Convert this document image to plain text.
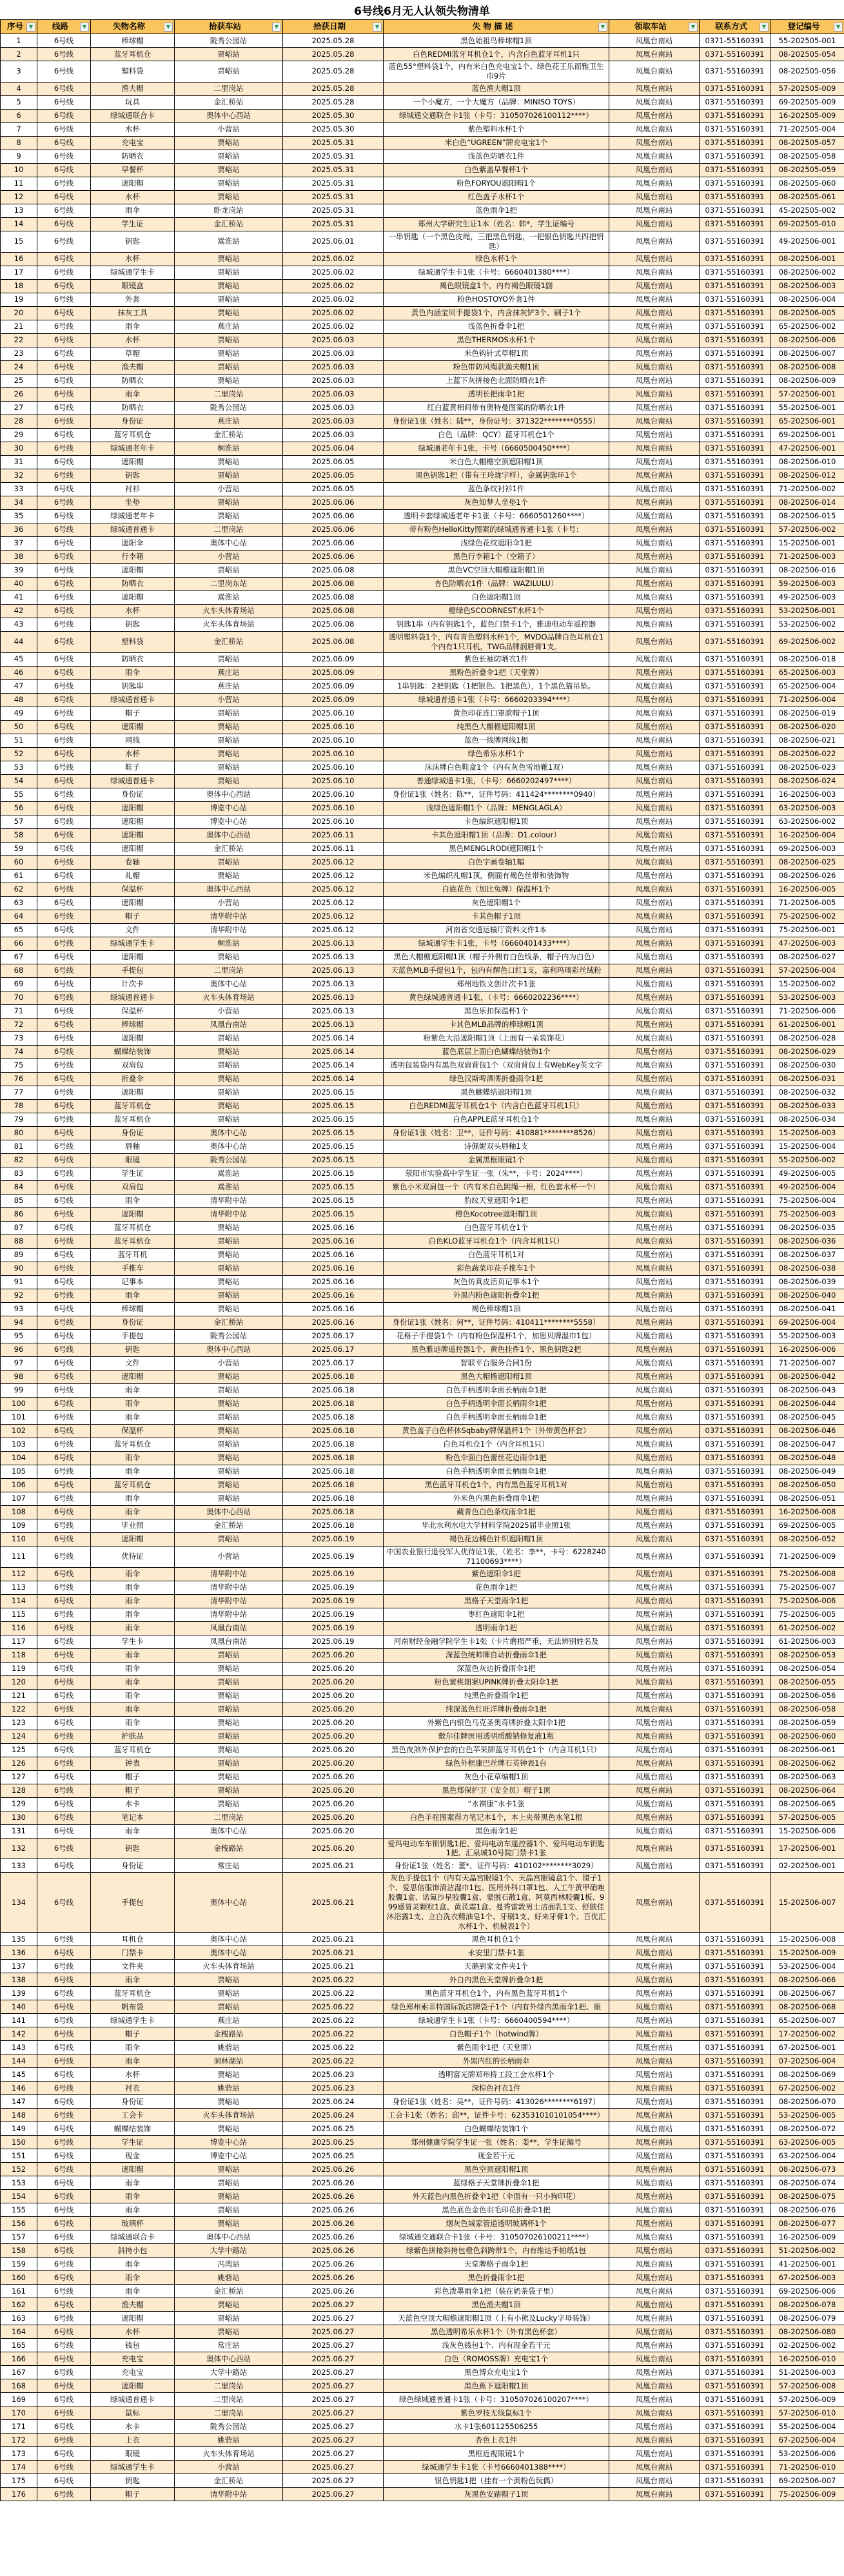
6号线6月无人认领失物清单
序号 ▼	线路 ▼	失物名称 ▼	拾获车站 ▼	拾获日期 ▼	失 物 描 述 ▼	领取车站 ▼	联系方式 ▼	登记编号 ▼

1	6号线	棒球帽	陇秀公园站	2025.05.28	黑色始祖鸟棒球帽1顶	凤凰台南站	0371-55160391	55-202505-001
2	6号线	蓝牙耳机仓	贾峪站	2025.05.28	白色REDMI蓝牙耳机仓1个，内含白色蓝牙耳机1只	凤凰台南站	0371-55160391	08-202505-054
3	6号线	塑料袋	贾峪站	2025.05.28	蓝色55°塑料袋1个，内有米白色充电宝1个、绿色花王乐而雅卫生巾9片	凤凰台南站	0371-55160391	08-202505-056
4	6号线	渔夫帽	二里岗站	2025.05.28	蓝色渔夫帽1顶	凤凰台南站	0371-55160391	57-202505-009
5	6号线	玩具	金汇桥站	2025.05.28	一个小魔方，一个大魔方（品牌：MINISO TOYS）	凤凰台南站	0371-55160391	69-202505-009
6	6号线	绿城通联合卡	奥体中心西站	2025.05.30	绿城通交通联合卡1张（卡号：310507026100112****）	凤凰台南站	0371-55160391	16-202505-009
7	6号线	水杯	小营站	2025.05.30	紫色塑料水杯1个	凤凰台南站	0371-55160391	71-202505-004
8	6号线	充电宝	贾峪站	2025.05.31	米白色“UGREEN”牌充电宝1个	凤凰台南站	0371-55160391	08-202505-057
9	6号线	防晒衣	贾峪站	2025.05.31	浅蓝色防晒衣1件	凤凰台南站	0371-55160391	08-202505-058
10	6号线	早餐杯	贾峪站	2025.05.31	白色紫盖早餐杯1个	凤凰台南站	0371-55160391	08-202505-059
11	6号线	遮阳帽	贾峪站	2025.05.31	粉色FORYOU遮阳帽1个	凤凰台南站	0371-55160391	08-202505-060
12	6号线	水杯	贾峪站	2025.05.31	红色盖子水杯1个	凤凰台南站	0371-55160391	08-202505-061
13	6号线	雨伞	卧龙岗站	2025.05.31	蓝色雨伞1把	凤凰台南站	0371-55160391	45-202505-002
14	6号线	学生证	金汇桥站	2025.05.31	郑州大学研究生证1本（姓名：韩*，学生证编号	凤凰台南站	0371-55160391	69-202505-010
15	6号线	钥匙	嵩淮站	2025.06.01	一串钥匙（一个黑色皮绳，三把黑色钥匙，一把银色钥匙共四把钥匙）	凤凰台南站	0371-55160391	49-202506-001
16	6号线	水杯	贾峪站	2025.06.02	绿色水杯1个	凤凰台南站	0371-55160391	08-202506-001
17	6号线	绿城通学生卡	贾峪站	2025.06.02	绿城通学生卡1张（卡号：6660401380****）	凤凰台南站	0371-55160391	08-202506-002
18	6号线	眼镜盒	贾峪站	2025.06.02	褐色眼镜盒1个，内有褐色眼镜1副	凤凰台南站	0371-55160391	08-202506-003
19	6号线	外套	贾峪站	2025.06.02	粉色HOSTOYO外套1件	凤凰台南站	0371-55160391	08-202506-004
20	6号线	抹灰工具	贾峪站	2025.06.02	黄色内涵宝贝手提袋1个，内含抹灰铲3个、刷子1个	凤凰台南站	0371-55160391	08-202506-005
21	6号线	雨伞	燕庄站	2025.06.02	浅蓝色折叠伞1把	凤凰台南站	0371-55160391	65-202506-002
22	6号线	水杯	贾峪站	2025.06.03	黑色THERMOS水杯1个	凤凰台南站	0371-55160391	08-202506-006
23	6号线	草帽	贾峪站	2025.06.03	米色钩针式草帽1顶	凤凰台南站	0371-55160391	08-202506-007
24	6号线	渔夫帽	贾峪站	2025.06.03	粉色带防风绳款渔夫帽1顶	凤凰台南站	0371-55160391	08-202506-008
25	6号线	防晒衣	贾峪站	2025.06.03	上蓝下灰拼接色北面防晒衣1件	凤凰台南站	0371-55160391	08-202506-009
26	6号线	雨伞	二里岗站	2025.06.03	透明长把雨伞1把	凤凰台南站	0371-55160391	57-202506-001
27	6号线	防晒衣	陇秀公园站	2025.06.03	红白蓝黄相间带有奥特曼图案的防晒衣1件	凤凰台南站	0371-55160391	55-202506-001
28	6号线	身份证	燕庄站	2025.06.03	身份证1张（姓名：陆**，身份证号：371322********0555）	凤凰台南站	0371-55160391	65-202506-001
29	6号线	蓝牙耳机仓	金汇桥站	2025.06.03	白色（品牌：QCY）蓝牙耳机仓1个	凤凰台南站	0371-55160391	69-202506-001
30	6号线	绿城通老年卡	桐淮站	2025.06.04	绿城通老年卡1张，卡号（6660500450****）	凤凰台南站	0371-55160391	47-202506-001
31	6号线	遮阳帽	贾峪站	2025.06.05	米白色大帽檐空顶遮阳帽1顶	凤凰台南站	0371-55160391	08-202506-010
32	6号线	钥匙	贾峪站	2025.06.05	黑色钥匙1把（带有王玲珑字样），金属钥匙环1个	凤凰台南站	0371-55160391	08-202506-012
33	6号线	衬衫	小营站	2025.06.05	蓝色条纹衬衫1件	凤凰台南站	0371-55160391	71-202506-002
34	6号线	坐垫	贾峪站	2025.06.06	灰色知梦人坐垫1个	凤凰台南站	0371-55160391	08-202506-014
35	6号线	绿城通老年卡	贾峪站	2025.06.06	透明卡套绿城通老年卡1张（卡号：6660501260****）	凤凰台南站	0371-55160391	08-202506-015
36	6号线	绿城通普通卡	二里岗站	2025.06.06	带有粉色HelloKitty图案的绿城通普通卡1张（卡号：	凤凰台南站	0371-55160391	57-202506-002
37	6号线	遮阳伞	奥体中心站	2025.06.06	浅绿色花纹遮阳伞1把	凤凰台南站	0371-55160391	15-202506-001
38	6号线	行李箱	小营站	2025.06.06	黑色行李箱1个（空箱子）	凤凰台南站	0371-55160391	71-202506-003
39	6号线	遮阳帽	贾峪站	2025.06.08	黑色VC空顶大帽檐遮阳帽1顶	凤凰台南站	0371-55160391	08-202506-016
40	6号线	防晒衣	二里岗东站	2025.06.08	杏色防晒衣1件（品牌：WAZILULU）	凤凰台南站	0371-55160391	59-202506-003
41	6号线	遮阳帽	嵩淮站	2025.06.08	白色遮阳帽1顶	凤凰台南站	0371-55160391	49-202506-003
42	6号线	水杯	火车头体育场站	2025.06.08	橙绿色SCOORNEST水杯1个	凤凰台南站	0371-55160391	53-202506-001
43	6号线	钥匙	火车头体育场站	2025.06.08	钥匙1串（内有钥匙1个，蓝色门禁卡1个，雅迪电动车遥控器	凤凰台南站	0371-55160391	53-202506-002
44	6号线	塑料袋	金汇桥站	2025.06.08	透明塑料袋1个，内有青色塑料水杯1个，MVDO品牌白色耳机仓1个内有1只耳机，TWG品牌润唇膏1支。	凤凰台南站	0371-55160391	69-202506-002
45	6号线	防晒衣	贾峪站	2025.06.09	紫色长袖防晒衣1件	凤凰台南站	0371-55160391	08-202506-018
46	6号线	雨伞	燕庄站	2025.06.09	黑粉色折叠伞1把（天堂牌）	凤凰台南站	0371-55160391	65-202506-003
47	6号线	钥匙串	燕庄站	2025.06.09	1串钥匙：2把钥匙（1把银色、1把黑色），1个黑色猫吊坠。	凤凰台南站	0371-55160391	65-202506-004
48	6号线	绿城通普通卡	小营站	2025.06.09	绿城通普通卡1张（卡号：6660203394****）	凤凰台南站	0371-55160391	71-202506-004
49	6号线	帽子	贾峪站	2025.06.10	黄色印花连口罩款帽子1顶	凤凰台南站	0371-55160391	08-202506-019
50	6号线	遮阳帽	贾峪站	2025.06.10	纯黑色大帽檐遮阳帽1顶	凤凰台南站	0371-55160391	08-202506-020
51	6号线	网线	贾峪站	2025.06.10	蓝色一线牌网线1根	凤凰台南站	0371-55160391	08-202506-021
52	6号线	水杯	贾峪站	2025.06.10	绿色希乐水杯1个	凤凰台南站	0371-55160391	08-202506-022
53	6号线	鞋子	贾峪站	2025.06.10	沫沫牌白色鞋盒1个（内有灰色雪地靴1双）	凤凰台南站	0371-55160391	08-202506-023
54	6号线	绿城通普通卡	贾峪站	2025.06.10	普通绿城通卡1张，（卡号：6660202497****）	凤凰台南站	0371-55160391	08-202506-024
55	6号线	身份证	奥体中心西站	2025.06.10	身份证1张（姓名：陈**，证件号码：411424********0940）	凤凰台南站	0371-55160391	16-202506-003
56	6号线	遮阳帽	博览中心站	2025.06.10	浅绿色遮阳帽1个（品牌：MENGLAGLA）	凤凰台南站	0371-55160391	63-202506-003
57	6号线	遮阳帽	博览中心站	2025.06.10	卡色编织遮阳帽1顶	凤凰台南站	0371-55160391	63-202506-002
58	6号线	遮阳帽	奥体中心西站	2025.06.11	卡其色遮阳帽1顶（品牌：D1.colour）	凤凰台南站	0371-55160391	16-202506-004
59	6号线	遮阳帽	金汇桥站	2025.06.11	黑色MENGLRODI遮阳帽1个	凤凰台南站	0371-55160391	69-202506-003
60	6号线	卷轴	贾峪站	2025.06.12	白色字画卷轴1幅	凤凰台南站	0371-55160391	08-202506-025
61	6号线	礼帽	贾峪站	2025.06.12	米色编织礼帽1顶，侧面有褐色丝带和装饰物	凤凰台南站	0371-55160391	08-202506-026
62	6号线	保温杯	奥体中心西站	2025.06.12	白底花色（加比兔牌）保温杯1个	凤凰台南站	0371-55160391	16-202506-005
63	6号线	遮阳帽	小营站	2025.06.12	灰色遮阳帽1个	凤凰台南站	0371-55160391	71-202506-005
64	6号线	帽子	清华附中站	2025.06.12	卡其色帽子1顶	凤凰台南站	0371-55160391	75-202506-002
65	6号线	文件	清华附中站	2025.06.12	河南省交通运输厅资料文件1本	凤凰台南站	0371-55160391	75-202506-001
66	6号线	绿城通学生卡	桐淮站	2025.06.13	绿城通学生卡1张，卡号（6660401433****）	凤凰台南站	0371-55160391	47-202506-003
67	6号线	遮阳帽	贾峪站	2025.06.13	黑色大帽檐遮阳帽1顶（帽子外侧有白色线条，帽子内为白色）	凤凰台南站	0371-55160391	08-202506-027
68	6号线	手提包	二里岗站	2025.06.13	天蓝色MLB手提包1个，包内有解色口红1支，嘉利玛瑧彩丝绒粉	凤凰台南站	0371-55160391	57-202506-004
69	6号线	计次卡	奥体中心站	2025.06.13	郑州地铁文创计次卡1张	凤凰台南站	0371-55160391	15-202506-002
70	6号线	绿城通普通卡	火车头体育场站	2025.06.13	黄色绿城通普通卡1张，（卡号：6660202236****）	凤凰台南站	0371-55160391	53-202506-003
71	6号线	保温杯	小营站	2025.06.13	黑色乐扣保温杯1个	凤凰台南站	0371-55160391	71-202506-006
72	6号线	棒球帽	凤凰台南站	2025.06.13	卡其色MLB品牌的棒球帽1顶	凤凰台南站	0371-55160391	61-202506-001
73	6号线	遮阳帽	贾峪站	2025.06.14	粉紫色大沿遮阳帽1顶（上面有一朵装饰花）	凤凰台南站	0371-55160391	08-202506-028
74	6号线	蝴蝶结装饰	贾峪站	2025.06.14	蓝色底层上面白色蝴蝶结装饰1个	凤凰台南站	0371-55160391	08-202506-029
75	6号线	双肩包	贾峪站	2025.06.14	透明包装袋内有黑色双肩背包1个（双肩背包上有WebKey英文字	凤凰台南站	0371-55160391	08-202506-030
76	6号线	折叠伞	贾峪站	2025.06.14	绿色汉斯啤酒牌折叠雨伞1把	凤凰台南站	0371-55160391	08-202506-031
77	6号线	遮阳帽	贾峪站	2025.06.15	黑色蝴蝶结遮阳帽1顶	凤凰台南站	0371-55160391	08-202506-032
78	6号线	蓝牙耳机仓	贾峪站	2025.06.15	白色REDMI蓝牙耳机仓1个（内含白色蓝牙耳机1只）	凤凰台南站	0371-55160391	08-202506-033
79	6号线	蓝牙耳机仓	贾峪站	2025.06.15	白色APPLE蓝牙耳机仓1个	凤凰台南站	0371-55160391	08-202506-034
80	6号线	身份证	奥体中心站	2025.06.15	身份证1张（姓名：卫**，证件号码：410881********8526）	凤凰台南站	0371-55160391	15-202506-003
81	6号线	唇釉	奥体中心站	2025.06.15	诗佩妮双头唇釉1支	凤凰台南站	0371-55160391	15-202506-004
82	6号线	眼镜	陇秀公园站	2025.06.15	金属黑框眼镜1个	凤凰台南站	0371-55160391	55-202506-002
83	6号线	学生证	嵩淮站	2025.06.15	荥阳市实验高中学生证一张（朱**，卡号：2024****）	凤凰台南站	0371-55160391	49-202506-005
84	6号线	双肩包	嵩淮站	2025.06.15	紫色小米双肩包一个（内有米白色跳绳一根，红色套水杯一个）	凤凰台南站	0371-55160391	49-202506-004
85	6号线	雨伞	清华附中站	2025.06.15	豹纹天堂遮阳伞1把	凤凰台南站	0371-55160391	75-202506-004
86	6号线	遮阳帽	清华附中站	2025.06.15	橙色Kocotree遮阳帽1顶	凤凰台南站	0371-55160391	75-202506-003
87	6号线	蓝牙耳机仓	贾峪站	2025.06.16	白色蓝牙耳机仓1个	凤凰台南站	0371-55160391	08-202506-035
88	6号线	蓝牙耳机仓	贾峪站	2025.06.16	白色KLO蓝牙耳机仓1个（内含耳机1只）	凤凰台南站	0371-55160391	08-202506-036
89	6号线	蓝牙耳机	贾峪站	2025.06.16	白色蓝牙耳机1对	凤凰台南站	0371-55160391	08-202506-037
90	6号线	手推车	贾峪站	2025.06.16	彩色蔬菜印花手推车1个	凤凰台南站	0371-55160391	08-202506-038
91	6号线	记事本	贾峪站	2025.06.16	灰色仿真皮活页记事本1个	凤凰台南站	0371-55160391	08-202506-039
92	6号线	雨伞	贾峪站	2025.06.16	外黑内粉色遮阳折叠伞1把	凤凰台南站	0371-55160391	08-202506-040
93	6号线	棒球帽	贾峪站	2025.06.16	褐色棒球帽1顶	凤凰台南站	0371-55160391	08-202506-041
94	6号线	身份证	金汇桥站	2025.06.16	身份证1张（姓名：何**，证件号码：410411********5558）	凤凰台南站	0371-55160391	69-202506-004
95	6号线	手提包	陇秀公园站	2025.06.17	花格子手提袋1个（内有粉色保温杯1个，加思贝牌湿巾1包）	凤凰台南站	0371-55160391	55-202506-003
96	6号线	钥匙	奥体中心西站	2025.06.17	黑色雅迪牌遥控器1个、黄色挂件1个、黑色钥匙2把	凤凰台南站	0371-55160391	16-202506-006
97	6号线	文件	小营站	2025.06.17	智联平台服务合同1份	凤凰台南站	0371-55160391	71-202506-007
98	6号线	遮阳帽	贾峪站	2025.06.18	黑色大帽檐遮阳帽1顶	凤凰台南站	0371-55160391	08-202506-042
99	6号线	雨伞	贾峪站	2025.06.18	白色手柄透明伞面长柄雨伞1把	凤凰台南站	0371-55160391	08-202506-043
100	6号线	雨伞	贾峪站	2025.06.18	白色手柄透明伞面长柄雨伞1把	凤凰台南站	0371-55160391	08-202506-044
101	6号线	雨伞	贾峪站	2025.06.18	白色手柄透明伞面长柄雨伞1把	凤凰台南站	0371-55160391	08-202506-045
102	6号线	保温杯	贾峪站	2025.06.18	黄色盖子白色杯体Sqbaby牌保温杯1个（外带黄色杯套）	凤凰台南站	0371-55160391	08-202506-046
103	6号线	蓝牙耳机仓	贾峪站	2025.06.18	白色耳机仓1个（内含耳机1只）	凤凰台南站	0371-55160391	08-202506-047
104	6号线	雨伞	贾峪站	2025.06.18	粉色伞面白色蕾丝花边雨伞1把	凤凰台南站	0371-55160391	08-202506-048
105	6号线	雨伞	贾峪站	2025.06.18	白色手柄透明伞面长柄雨伞1把	凤凰台南站	0371-55160391	08-202506-049
106	6号线	蓝牙耳机仓	贾峪站	2025.06.18	黑色蓝牙耳机仓1个，内有黑色蓝牙耳机1对	凤凰台南站	0371-55160391	08-202506-050
107	6号线	雨伞	贾峪站	2025.06.18	外米色内黑色折叠雨伞1把	凤凰台南站	0371-55160391	08-202506-051
108	6号线	雨伞	奥体中心西站	2025.06.18	藏青色白色条纹雨伞1把	凤凰台南站	0371-55160391	16-202506-008
109	6号线	毕业照	金汇桥站	2025.06.18	华北水利水电大学材料学院2025届毕业照1张	凤凰台南站	0371-55160391	69-202506-005
110	6号线	遮阳帽	贾峪站	2025.06.19	褐色花边橘色针织遮阳帽1顶	凤凰台南站	0371-55160391	08-202506-052
111	6号线	优待证	小营站	2025.06.19	中国农业银行退役军人优待证1张，（姓名：李**，卡号：622824071100693****）	凤凰台南站	0371-55160391	71-202506-009
112	6号线	雨伞	清华附中站	2025.06.19	紫色遮阳伞1把	凤凰台南站	0371-55160391	75-202506-008
113	6号线	雨伞	清华附中站	2025.06.19	花色雨伞1把	凤凰台南站	0371-55160391	75-202506-007
114	6号线	雨伞	清华附中站	2025.06.19	黑格子天堂雨伞1把	凤凰台南站	0371-55160391	75-202506-006
115	6号线	雨伞	清华附中站	2025.06.19	枣红色遮阳伞1把	凤凰台南站	0371-55160391	75-202506-005
116	6号线	雨伞	凤凰台南站	2025.06.19	透明雨伞1把	凤凰台南站	0371-55160391	61-202506-002
117	6号线	学生卡	凤凰台南站	2025.06.19	河南财经金融学院学生卡1张（卡片磨损严重，无法辨别姓名及	凤凰台南站	0371-55160391	61-202506-003
118	6号线	雨伞	贾峪站	2025.06.20	深蓝色统帅牌自动折叠雨伞1把	凤凰台南站	0371-55160391	08-202506-053
119	6号线	雨伞	贾峪站	2025.06.20	深蓝色灰边折叠雨伞1把	凤凰台南站	0371-55160391	08-202506-054
120	6号线	雨伞	贾峪站	2025.06.20	粉色蜜桃图案UPINK牌折叠太阳伞1把	凤凰台南站	0371-55160391	08-202506-055
121	6号线	雨伞	贾峪站	2025.06.20	纯黑色折叠雨伞1把	凤凰台南站	0371-55160391	08-202506-056
122	6号线	雨伞	贾峪站	2025.06.20	纯深蓝色红旺洋牌折叠雨伞1把	凤凰台南站	0371-55160391	08-202506-058
123	6号线	雨伞	贾峪站	2025.06.20	外紫色内银色马克圣奥奇牌折叠太阳伞1把	凤凰台南站	0371-55160391	08-202506-059
124	6号线	护肤品	贾峪站	2025.06.20	敷尔佳牌医用透明质酸钠修复液1瓶	凤凰台南站	0371-55160391	08-202506-060
125	6号线	蓝牙耳机仓	贾峪站	2025.06.20	黑色夜煞外保护套的白色苹果牌蓝牙耳机仓1个（内含耳机1只）	凤凰台南站	0371-55160391	08-202506-061
126	6号线	钟表	贾峪站	2025.06.20	绿色外框康巴丝牌石英钟表1台	凤凰台南站	0371-55160391	08-202506-062
127	6号线	帽子	贾峪站	2025.06.20	灰色小花草编帽1顶	凤凰台南站	0371-55160391	08-202506-063
128	6号线	帽子	贾峪站	2025.06.20	黑色郑保护卫（安全员）帽子1顶	凤凰台南站	0371-55160391	08-202506-064
129	6号线	水卡	贾峪站	2025.06.20	“水祺康”水卡1张	凤凰台南站	0371-55160391	08-202506-065
130	6号线	笔记本	二里岗站	2025.06.20	白色羊驼图案得力笔记本1个，本上夹带黑色水笔1根	凤凰台南站	0371-55160391	57-202506-005
131	6号线	雨伞	奥体中心站	2025.06.20	黑色雨伞1把	凤凰台南站	0371-55160391	15-202506-006
132	6号线	钥匙	金梭路站	2025.06.20	爱玛电动车车锁钥匙1把、爱玛电动车遥控器1个、爱玛电动车钥匙1把、汇泉城10号院门禁卡1张	凤凰台南站	0371-55160391	17-202506-001
133	6号线	身份证	常庄站	2025.06.21	身份证1张（姓名：董*，证件号码：410102********3029）	凤凰台南站	0371-55160391	02-202506-001
134	6号线	手提包	奥体中心站	2025.06.21	灰色手提包1个（内有天晶宫眼镜1个、天晶宫眼镜盒1个、镊子1个、爱思倍服饰清洁湿巾1包、医用外科口罩1包、人工牛黄甲硝唑胶囊1盒、诺氟沙星胶囊1盒、蒙脱石散1盒、阿莫西林胶囊1板、999感冒灵颗粒1盒、黄芪霜1盒、曼秀雷敦男士洁面乳1支、舒肤佳沐浴露1支、立白洗衣精油皂1个、牙刷1支、好来牙膏1个、百优汇水杯1个、机械表1个）	凤凰台南站	0371-55160391	15-202506-007
135	6号线	耳机仓	奥体中心站	2025.06.21	黑色耳机仓1个	凤凰台南站	0371-55160391	15-202506-008
136	6号线	门禁卡	奥体中心站	2025.06.21	永安里门禁卡1张	凤凰台南站	0371-55160391	15-202506-009
137	6号线	文件夹	火车头体育场站	2025.06.21	天鹅到家文件夹1个	凤凰台南站	0371-55160391	53-202506-004
138	6号线	雨伞	贾峪站	2025.06.22	外白内黑色天堂牌折叠伞1把	凤凰台南站	0371-55160391	08-202506-066
139	6号线	蓝牙耳机仓	贾峪站	2025.06.22	黑色蓝牙耳机仓1个，内有黑色蓝牙耳机1个	凤凰台南站	0371-55160391	08-202506-067
140	6号线	帆布袋	贾峪站	2025.06.22	绿色郑州索菲特国际饭店牌袋子1个（内有外绿内黑雨伞1把、眼	凤凰台南站	0371-55160391	08-202506-068
141	6号线	绿城通学生卡	燕庄站	2025.06.22	绿城通学生卡1张（卡号：6660400594****）	凤凰台南站	0371-55160391	65-202506-007
142	6号线	帽子	金梭路站	2025.06.22	白色帽子1个（hotwind牌）	凤凰台南站	0371-55160391	17-202506-002
143	6号线	雨伞	姚砦站	2025.06.22	紫色雨伞1把（天堂牌）	凤凰台南站	0371-55160391	67-202506-001
144	6号线	雨伞	洞林湖站	2025.06.22	外黑内红的长柄雨伞	凤凰台南站	0371-55160391	07-202506-004
145	6号线	水杯	贾峪站	2025.06.23	透明富光牌郑州桥工段工会水杯1个	凤凰台南站	0371-55160391	08-202506-069
146	6号线	衬衣	姚砦站	2025.06.23	深棕色衬衣1件	凤凰台南站	0371-55160391	67-202506-002
147	6号线	身份证	贾峪站	2025.06.24	身份证1张（姓名：吴**，证件号码：413026********6197）	凤凰台南站	0371-55160391	08-202506-070
148	6号线	工会卡	火车头体育场站	2025.06.24	工会卡1张（姓名：邱**，证件卡号：623531010101054****）	凤凰台南站	0371-55160391	53-202506-005
149	6号线	蝴蝶结装饰	贾峪站	2025.06.25	白色蝴蝶结装饰1个	凤凰台南站	0371-55160391	08-202506-072
150	6号线	学生证	博览中心站	2025.06.25	郑州健康学院学生证一张（姓名：娄**，学生证编号	凤凰台南站	0371-55160391	63-202506-005
151	6号线	现金	博览中心站	2025.06.25	现金若干元	凤凰台南站	0371-55160391	63-202506-004
152	6号线	遮阳帽	贾峪站	2025.06.26	黑色空顶遮阳帽1顶	凤凰台南站	0371-55160391	08-202506-073
153	6号线	雨伞	贾峪站	2025.06.26	蓝绿格子天堂牌折叠伞1把	凤凰台南站	0371-55160391	08-202506-074
154	6号线	雨伞	贾峪站	2025.06.26	外天蓝色内黑色折叠伞1把（伞面有一只小狗印花）	凤凰台南站	0371-55160391	08-202506-075
155	6号线	雨伞	贾峪站	2025.06.26	黑色底色金色羽毛印花折叠伞1把	凤凰台南站	0371-55160391	08-202506-076
156	6号线	玻璃杯	贾峪站	2025.06.26	烟灰色城家管道透明玻璃杯1个	凤凰台南站	0371-55160391	08-202506-077
157	6号线	绿城通联合卡	奥体中心西站	2025.06.26	绿城通交通联合卡1张（卡号：310507026100211****）	凤凰台南站	0371-55160391	16-202506-009
158	6号线	斜挎小包	大学中路站	2025.06.26	绿紫色拼接斜挎包橙色斜跨带1个，内有维达手帕纸1包	凤凰台南站	0371-55160391	51-202506-002
159	6号线	雨伞	冯湾站	2025.06.26	天堂牌格子雨伞1把	凤凰台南站	0371-55160391	41-202506-001
160	6号线	雨伞	姚砦站	2025.06.26	黑色折叠雨伞1把	凤凰台南站	0371-55160391	67-202506-003
161	6号线	雨伞	金汇桥站	2025.06.26	彩色泼墨雨伞1把（装在奶茶袋子里）	凤凰台南站	0371-55160391	69-202506-006
162	6号线	渔夫帽	贾峪站	2025.06.27	黑色渔夫帽1顶	凤凰台南站	0371-55160391	08-202506-078
163	6号线	遮阳帽	贾峪站	2025.06.27	天蓝色空顶大帽檐遮阳帽1顶（上有小熊及Lucky字母装饰）	凤凰台南站	0371-55160391	08-202506-079
164	6号线	水杯	贾峪站	2025.06.27	黑色透明希乐水杯1个（外有黑色杯套）	凤凰台南站	0371-55160391	08-202506-080
165	6号线	钱包	常庄站	2025.06.27	浅灰色钱包1个、内有现金若干元	凤凰台南站	0371-55160391	02-202506-002
166	6号线	充电宝	奥体中心西站	2025.06.27	白色（ROMOSS牌）充电宝1个	凤凰台南站	0371-55160391	16-202506-010
167	6号线	充电宝	大学中路站	2025.06.27	黑色博众充电宝1个	凤凰台南站	0371-55160391	51-202506-003
168	6号线	遮阳帽	二里岗站	2025.06.27	黑色蕉下遮阳帽1顶	凤凰台南站	0371-55160391	57-202506-008
169	6号线	绿城通普通卡	二里岗站	2025.06.27	绿色绿城通普通卡1张（卡号：310507026100207****）	凤凰台南站	0371-55160391	57-202506-009
170	6号线	鼠标	二里岗站	2025.06.27	紫色罗技无线鼠标1个	凤凰台南站	0371-55160391	57-202506-010
171	6号线	水卡	陇秀公园站	2025.06.27	水卡1张601125506255	凤凰台南站	0371-55160391	55-202506-004
172	6号线	上衣	姚砦站	2025.06.27	杏色上衣1件	凤凰台南站	0371-55160391	67-202506-004
173	6号线	眼镜	火车头体育场站	2025.06.27	黑框近视眼镜1个	凤凰台南站	0371-55160391	53-202506-006
174	6号线	绿城通学生卡	小营站	2025.06.27	绿城通学生卡1张（卡号6660401388****）	凤凰台南站	0371-55160391	71-202506-010
175	6号线	钥匙	金汇桥站	2025.06.27	银色钥匙1把（挂有一个黄粉色玩偶）	凤凰台南站	0371-55160391	69-202506-007
176	6号线	帽子	清华附中站	2025.06.27	灰黑色安踏帽子1顶	凤凰台南站	0371-55160391	75-202506-009
